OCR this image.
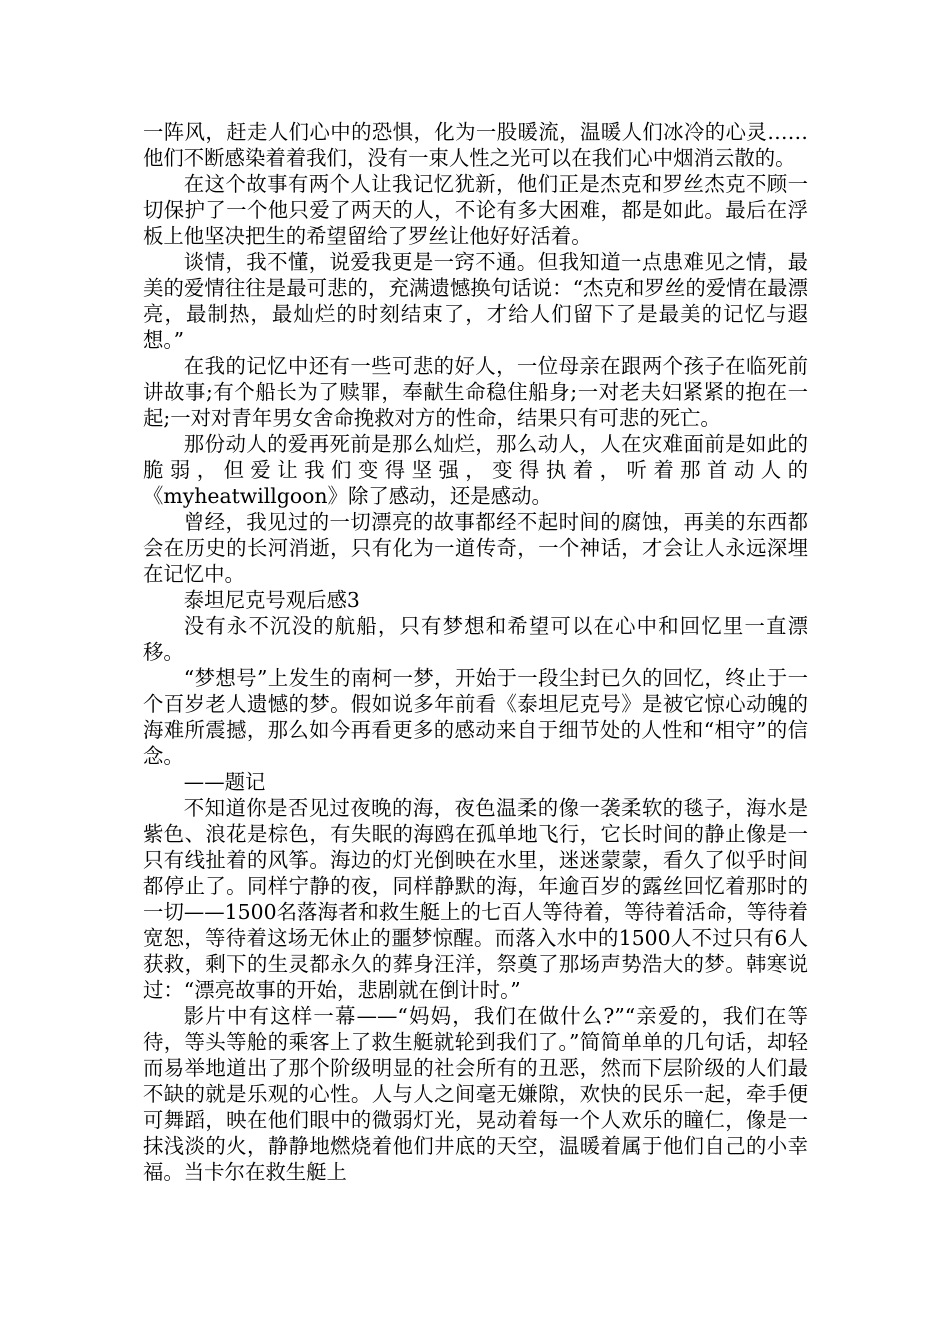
一阵风，赶走人们心中的恐惧，化为一股暖流，温暖人们冰冷的心灵……他们不断感染着着我们，没有一束人性之光可以在我们心中烟消云散的。

在这个故事有两个人让我记忆犹新，他们正是杰克和罗丝杰克不顾一切保护了一个他只爱了两天的人，不论有多大困难，都是如此。最后在浮板上他坚决把生的希望留给了罗丝让他好好活着。

谈情，我不懂，说爱我更是一窍不通。但我知道一点患难见之情，最美的爱情往往是最可悲的，充满遗憾换句话说：“杰克和罗丝的爱情在最漂亮，最制热，最灿烂的时刻结束了，才给人们留下了是最美的记忆与遐想。”

在我的记忆中还有一些可悲的好人，一位母亲在跟两个孩子在临死前讲故事;有个船长为了赎罪，奉献生命稳住船身;一对老夫妇紧紧的抱在一起;一对对青年男女舍命挽救对方的性命，结果只有可悲的死亡。

那份动人的爱再死前是那么灿烂，那么动人，人在灾难面前是如此的脆弱，但爱让我们变得坚强，变得执着，听着那首动人的《myheatwillgoon》除了感动，还是感动。

曾经，我见过的一切漂亮的故事都经不起时间的腐蚀，再美的东西都会在历史的长河消逝，只有化为一道传奇，一个神话，才会让人永远深埋在记忆中。

泰坦尼克号观后感3

没有永不沉没的航船，只有梦想和希望可以在心中和回忆里一直漂移。

“梦想号”上发生的南柯一梦，开始于一段尘封已久的回忆，终止于一个百岁老人遗憾的梦。假如说多年前看《泰坦尼克号》是被它惊心动魄的海难所震撼，那么如今再看更多的感动来自于细节处的人性和“相守”的信念。

——题记

不知道你是否见过夜晚的海，夜色温柔的像一袭柔软的毯子，海水是紫色、浪花是棕色，有失眠的海鸥在孤单地飞行，它长时间的静止像是一只有线扯着的风筝。海边的灯光倒映在水里，迷迷蒙蒙，看久了似乎时间都停止了。同样宁静的夜，同样静默的海，年逾百岁的露丝回忆着那时的一切——1500名落海者和救生艇上的七百人等待着，等待着活命，等待着宽恕，等待着这场无休止的噩梦惊醒。而落入水中的1500人不过只有6人获救，剩下的生灵都永久的葬身汪洋，祭奠了那场声势浩大的梦。韩寒说过：“漂亮故事的开始，悲剧就在倒计时。”

影片中有这样一幕——“妈妈，我们在做什么?”“亲爱的，我们在等待，等头等舱的乘客上了救生艇就轮到我们了。”简简单单的几句话，却轻而易举地道出了那个阶级明显的社会所有的丑恶，然而下层阶级的人们最不缺的就是乐观的心性。人与人之间毫无嫌隙，欢快的民乐一起，牵手便可舞蹈，映在他们眼中的微弱灯光，晃动着每一个人欢乐的瞳仁，像是一抹浅淡的火，静静地燃烧着他们井底的天空，温暖着属于他们自己的小幸福。当卡尔在救生艇上
